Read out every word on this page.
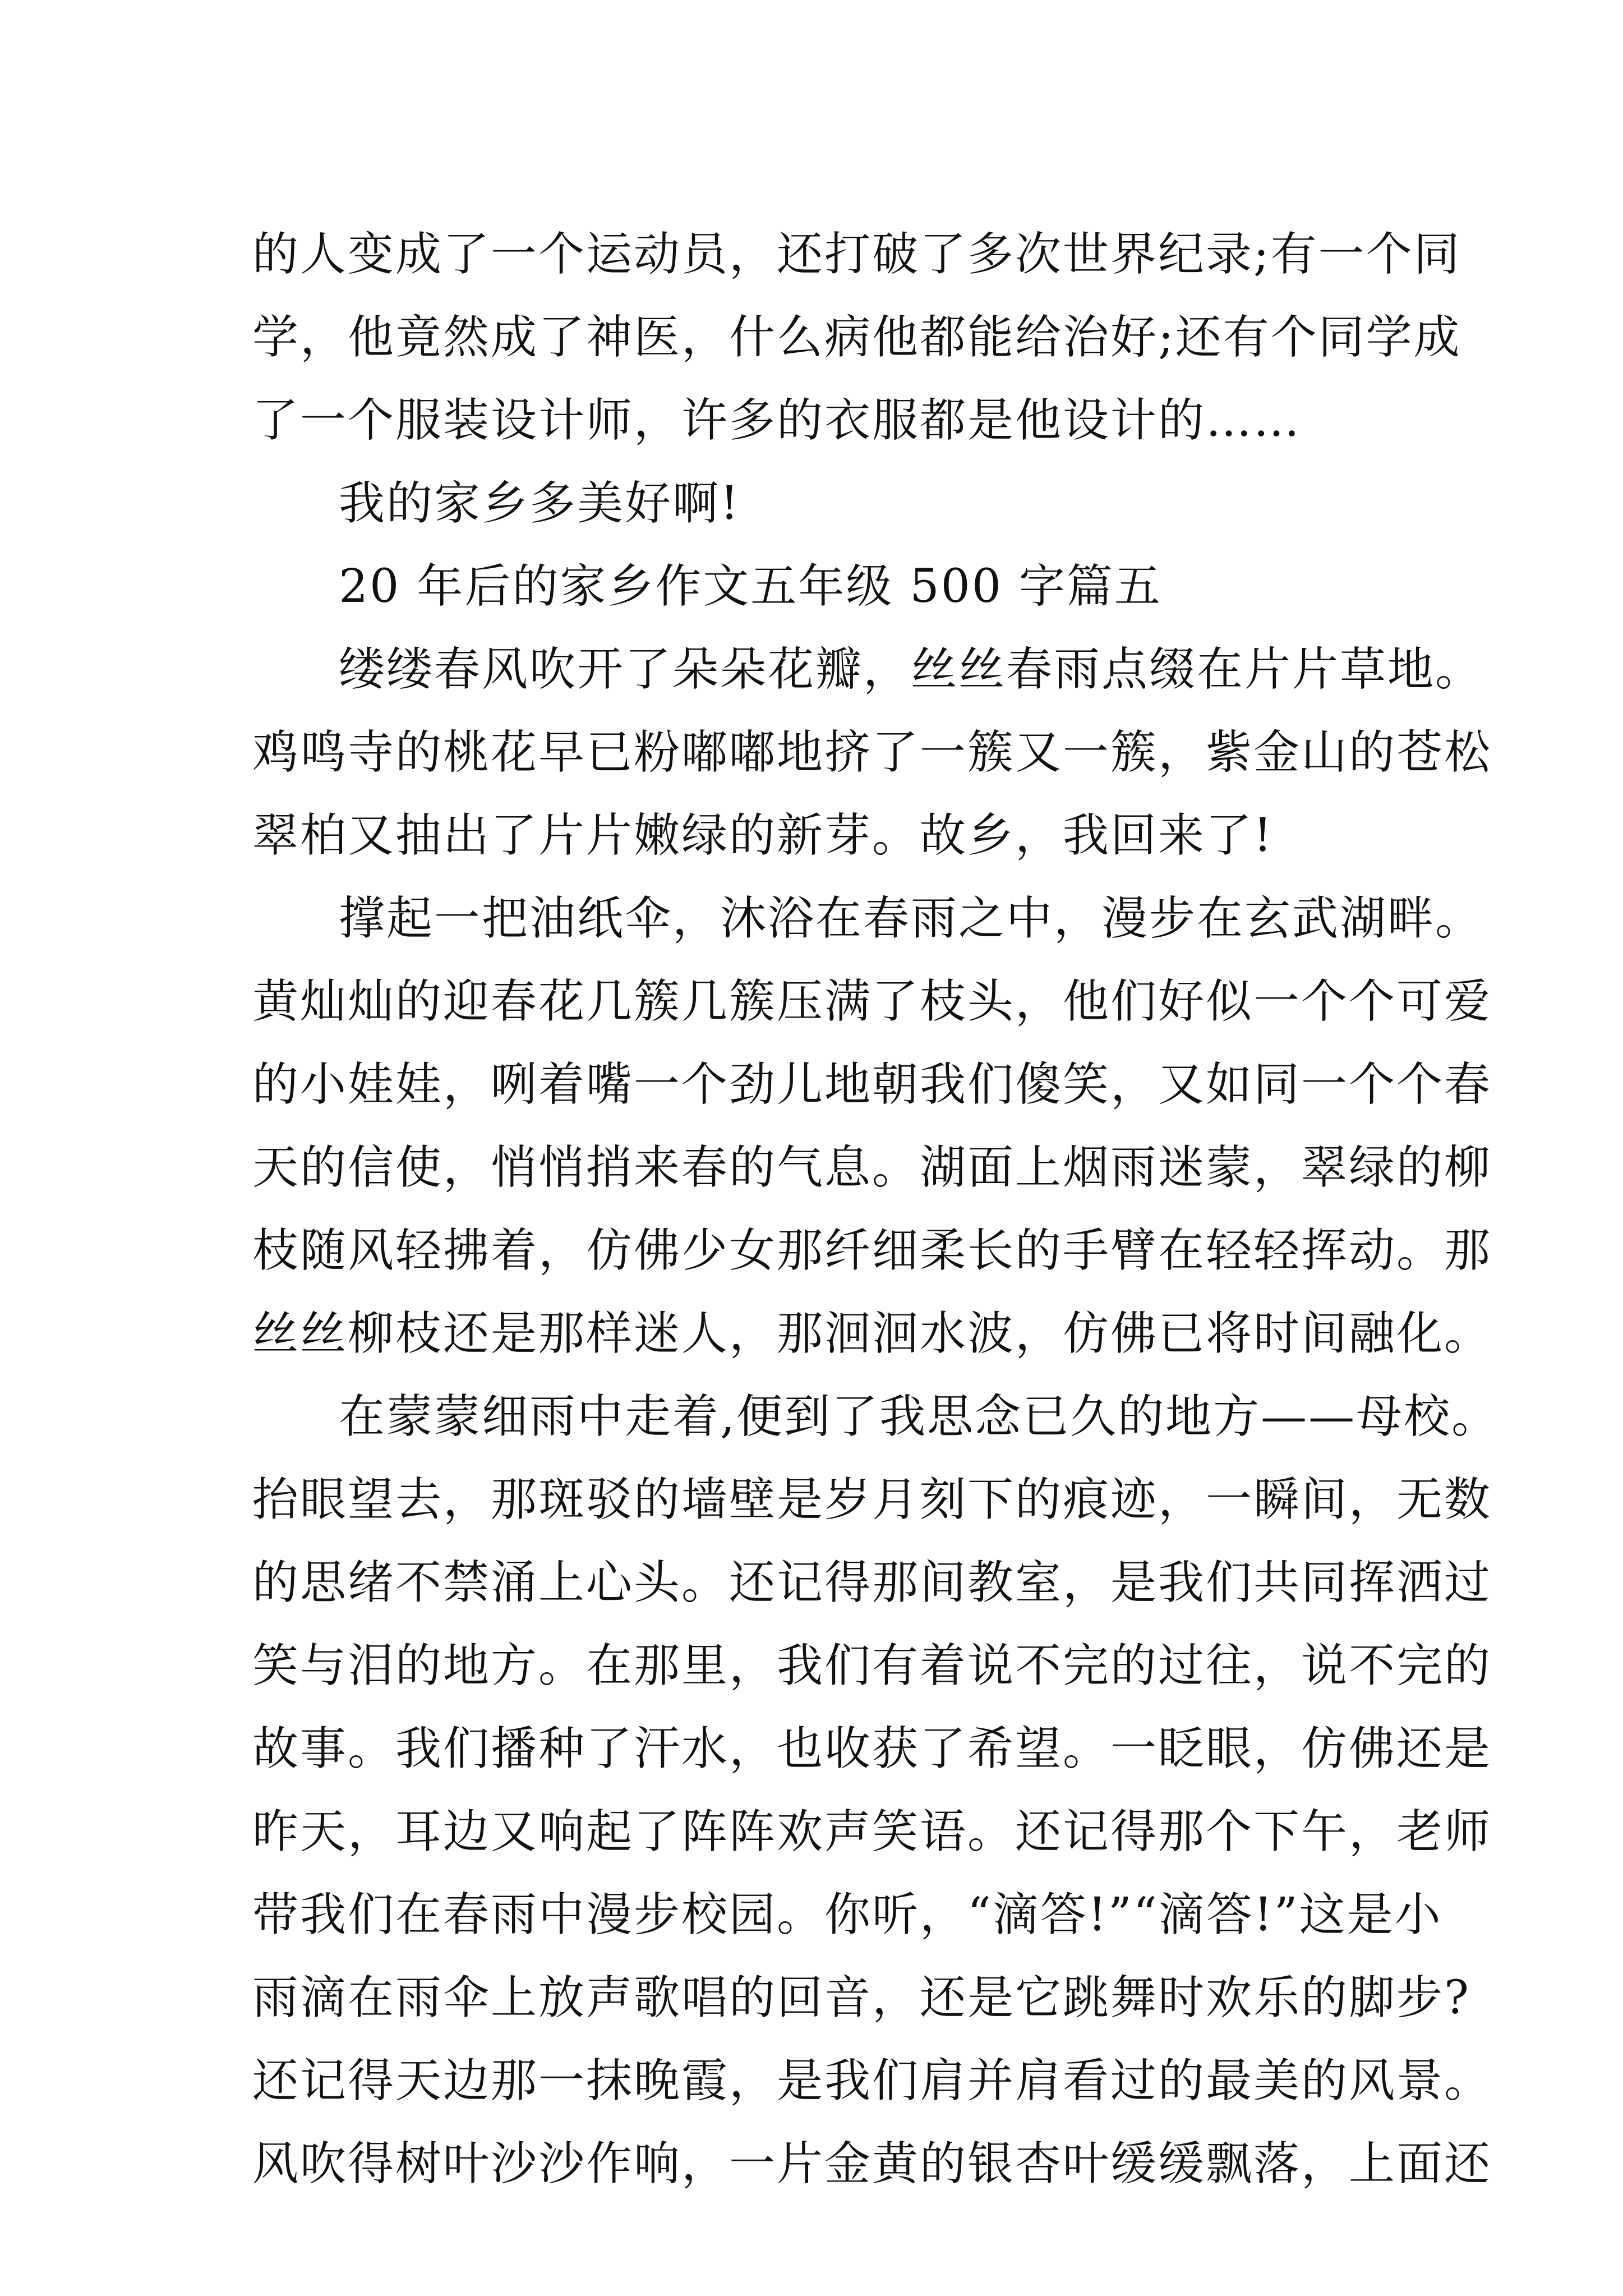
的人变成了一个运动员，还打破了多次世界纪录;有一个同
学，他竟然成了神医，什么病他都能给治好;还有个同学成
了一个服装设计师，许多的衣服都是他设计的……
我的家乡多美好啊!
20 年后的家乡作文五年级 500 字篇五
缕缕春风吹开了朵朵花瓣，丝丝春雨点缀在片片草地。
鸡鸣寺的桃花早已粉嘟嘟地挤了一簇又一簇，紫金山的苍松
翠柏又抽出了片片嫩绿的新芽。故乡，我回来了!
撑起一把油纸伞，沐浴在春雨之中，漫步在玄武湖畔。
黄灿灿的迎春花几簇几簇压满了枝头，他们好似一个个可爱
的小娃娃，咧着嘴一个劲儿地朝我们傻笑，又如同一个个春
天的信使，悄悄捎来春的气息。湖面上烟雨迷蒙，翠绿的柳
枝随风轻拂着，仿佛少女那纤细柔长的手臂在轻轻挥动。那
丝丝柳枝还是那样迷人，那洄洄水波，仿佛已将时间融化。
在蒙蒙细雨中走着,便到了我思念已久的地方——母校。
抬眼望去，那斑驳的墙壁是岁月刻下的痕迹，一瞬间，无数
的思绪不禁涌上心头。还记得那间教室，是我们共同挥洒过
笑与泪的地方。在那里，我们有着说不完的过往，说不完的
故事。我们播种了汗水，也收获了希望。一眨眼，仿佛还是
昨天，耳边又响起了阵阵欢声笑语。还记得那个下午，老师
带我们在春雨中漫步校园。你听，“滴答!”“滴答!”这是小
雨滴在雨伞上放声歌唱的回音，还是它跳舞时欢乐的脚步?
还记得天边那一抹晚霞，是我们肩并肩看过的最美的风景。
风吹得树叶沙沙作响，一片金黄的银杏叶缓缓飘落，上面还
